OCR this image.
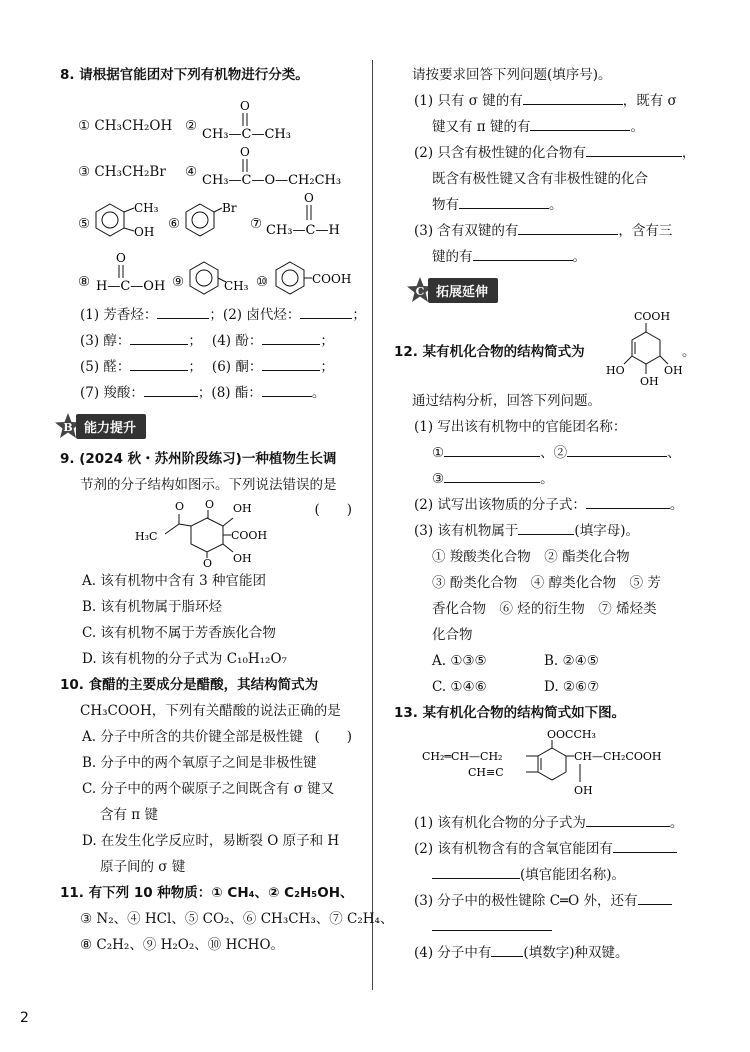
8. 请根据官能团对下列有机物进行分类。
① CH₃CH₂OH ②
O
CH₃—C—CH₃
③ CH₃CH₂Br ④
O
CH₃—C—O—CH₂CH₃
⑤
CH₃
OH ⑥
Br
⑦
O
CH₃—C—H
⑧
O
H—C—OH ⑨	CH₃ ⑩	COOH
(1) 芳香烃：	；(2) 卤代烃：	；
(3) 醇：	； (4) 酚：	；
(5) 醛：	； (6) 酮：	；
(7) 羧酸：	；(8) 酯：	。
B 能力提升
9. (2024 秋・苏州阶段练习)一种植物生长调
节剂的分子结构如图示。下列说法错误的是
(　　)
O OH
COOH
OH
O
O
H₃C
A. 该有机物中含有 3 种官能团
B. 该有机物属于脂环烃
C. 该有机物不属于芳香族化合物
D. 该有机物的分子式为 C₁₀H₁₂O₇
10. 食醋的主要成分是醋酸，其结构简式为
CH₃COOH，下列有关醋酸的说法正确的是
(　　)
A. 分子中所含的共价键全部是极性键
B. 分子中的两个氧原子之间是非极性键
C. 分子中的两个碳原子之间既含有 σ 键又
含有 π 键
D. 在发生化学反应时，易断裂 O 原子和 H
原子间的 σ 键
11. 有下列 10 种物质：① CH₄、② C₂H₅OH、
③ N₂、④ HCl、⑤ CO₂、⑥ CH₃CH₃、⑦ C₂H₄、
⑧ C₂H₂、⑨ H₂O₂、⑩ HCHO。
请按要求回答下列问题(填序号)。
(1) 只有 σ 键的有	，既有 σ
键又有 π 键的有	。
(2) 只含有极性键的化合物有	，
既含有极性键又含有非极性键的化合
物有	。
(3) 含有双键的有	，含有三
键的有	。
C 拓展延伸
12. 某有机化合物的结构简式为
COOH
HO
OH
OH
。
通过结构分析，回答下列问题。
(1) 写出该有机物中的官能团名称：
①	、②	、
③	。
(2) 试写出该物质的分子式：	。
(3) 该有机物属于	(填字母)。
① 羧酸类化合物　② 酯类化合物
③ 酚类化合物　④ 醇类化合物　⑤ 芳
香化合物　⑥ 烃的衍生物　⑦ 烯烃类
化合物
A. ①③⑤	B. ②④⑤
C. ①④⑥	D. ②⑥⑦
13. 某有机化合物的结构简式如下图。
OOCCH₃
CH₂═CH—CH₂
CH≡C
CH—CH₂COOH
OH
(1) 该有机化合物的分子式为	。
(2) 该有机物含有的含氧官能团有
(填官能团名称)。
(3) 分子中的极性键除 C═O 外，还有
(4) 分子中有 (填数字)种双键。
2
